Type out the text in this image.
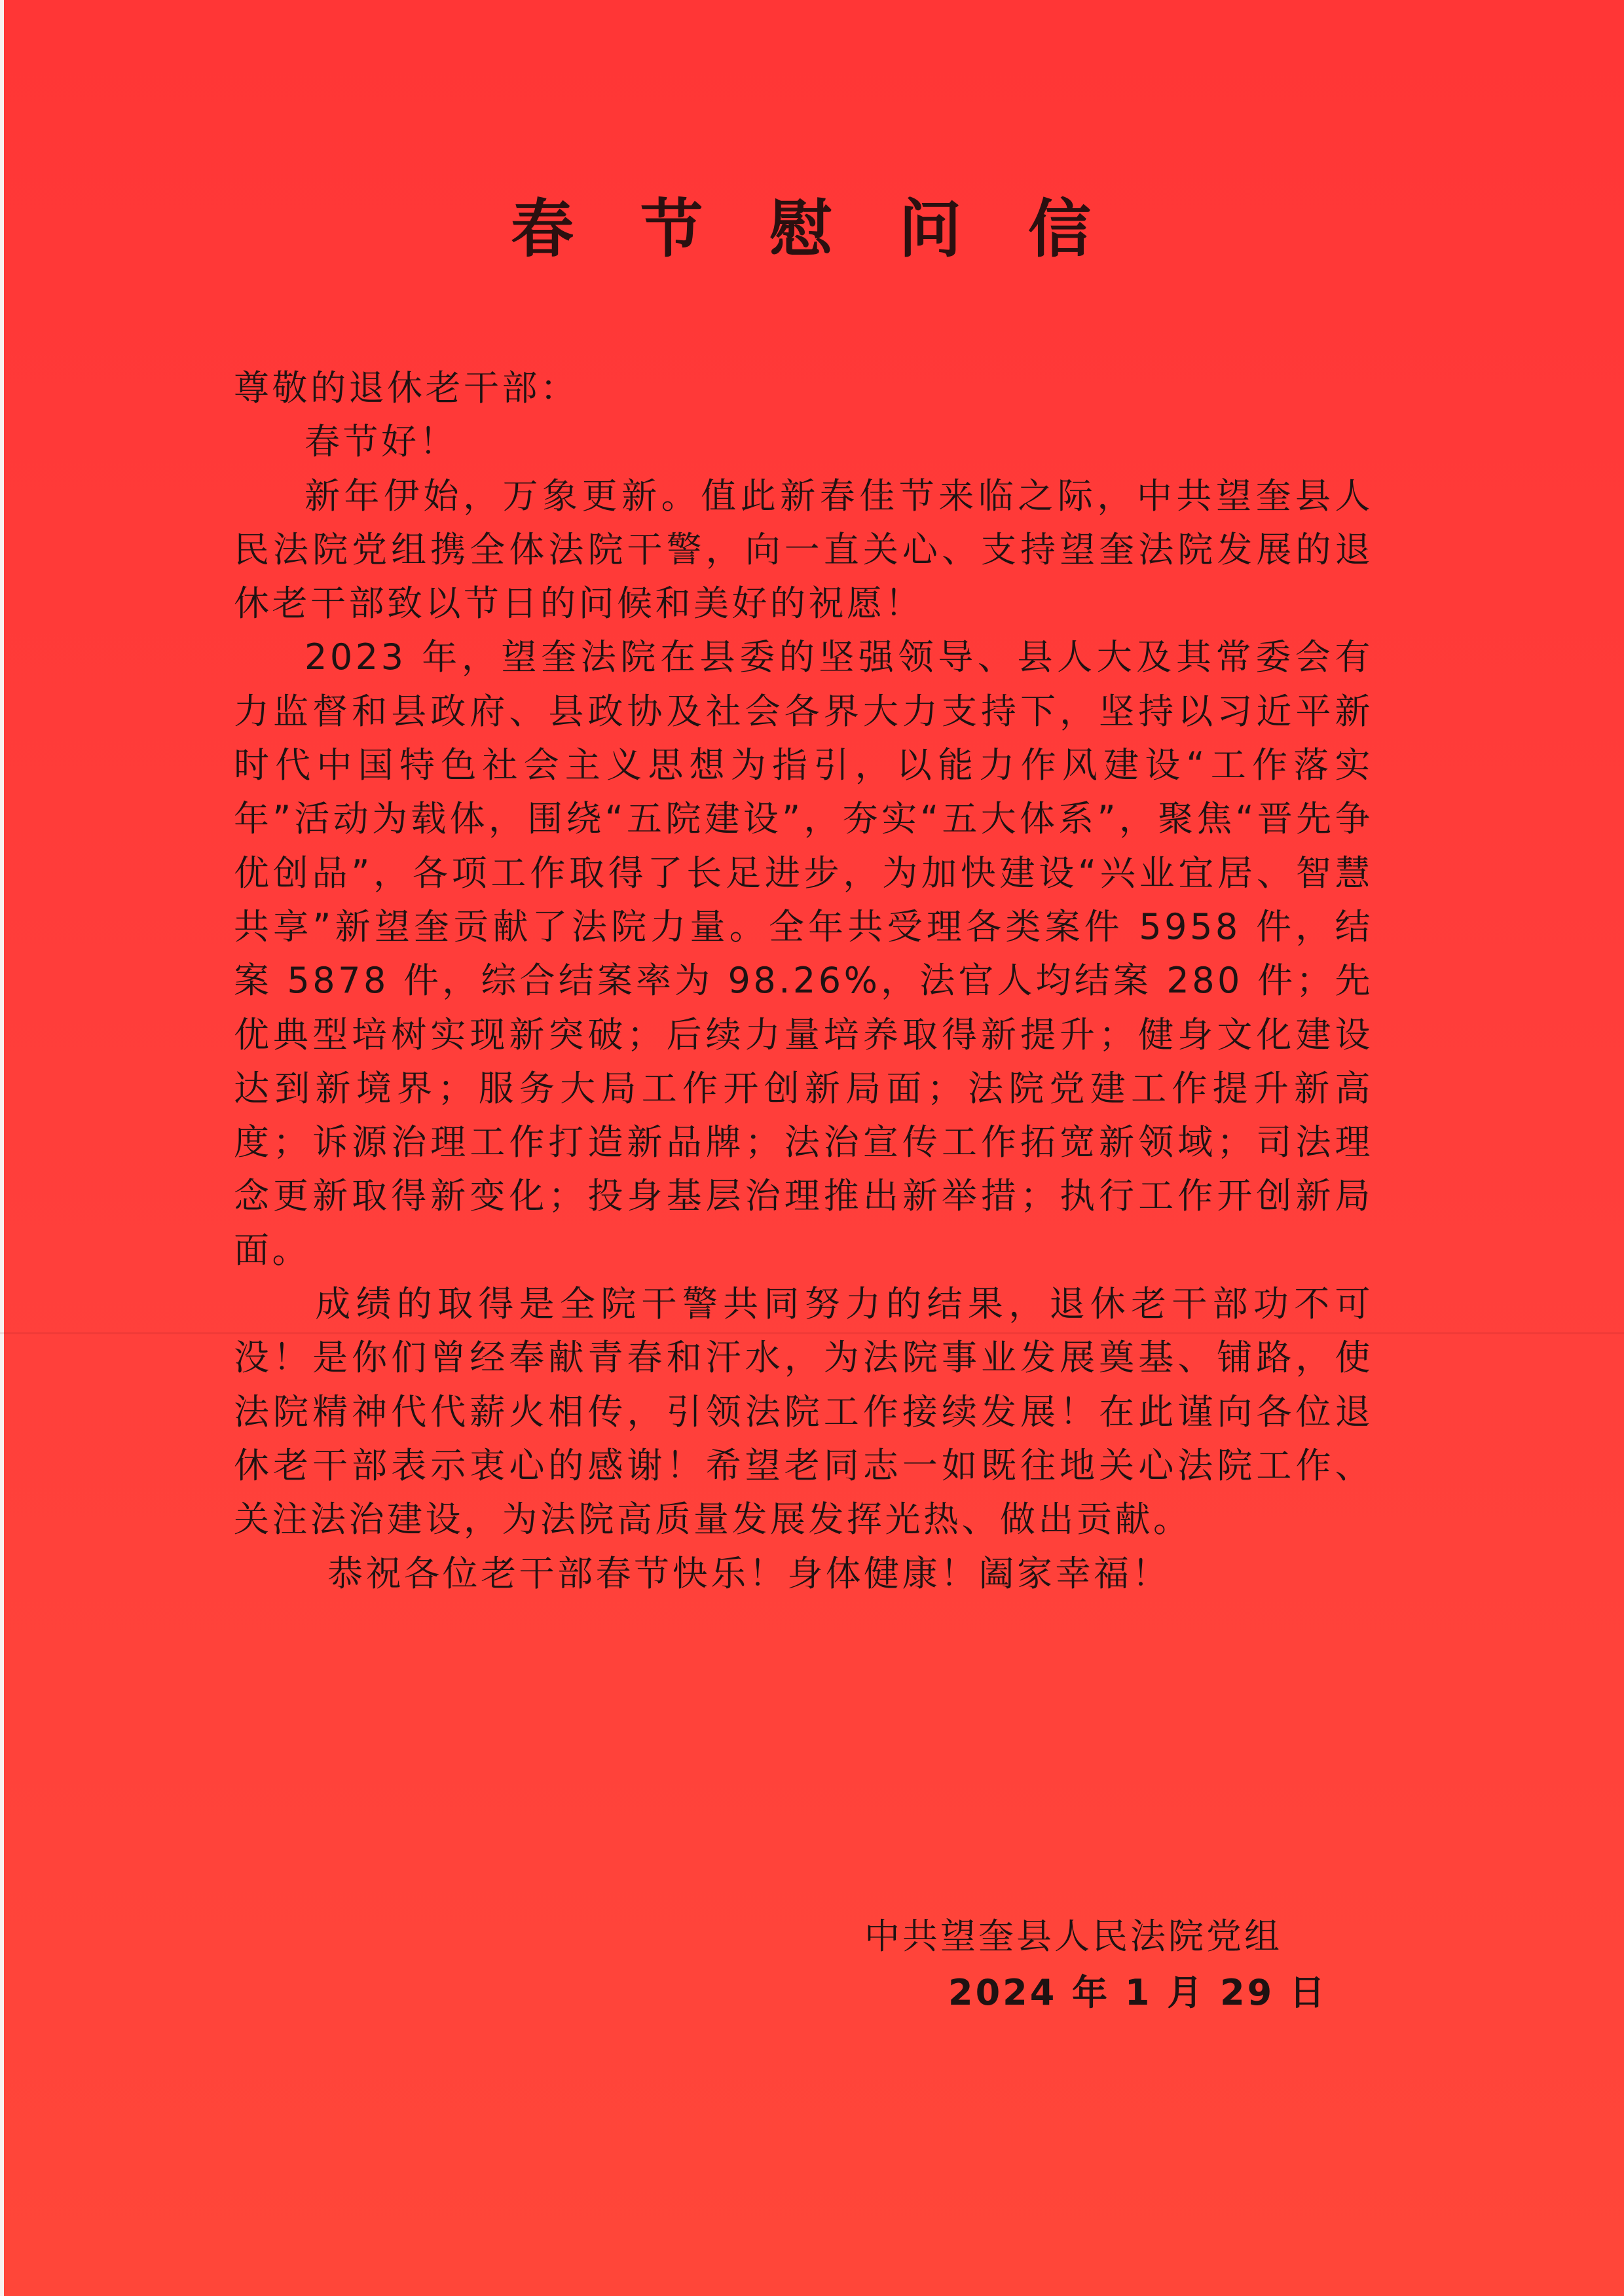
春 节 慰 问 信

尊敬的退休老干部：

春节好！

新年伊始，万象更新。值此新春佳节来临之际，中共望奎县人民法院党组携全体法院干警，向一直关心、支持望奎法院发展的退休老干部致以节日的问候和美好的祝愿！

2023 年，望奎法院在县委的坚强领导、县人大及其常委会有力监督和县政府、县政协及社会各界大力支持下，坚持以习近平新时代中国特色社会主义思想为指引，以能力作风建设“工作落实年”活动为载体，围绕“五院建设”，夯实“五大体系”，聚焦“晋先争优创品”，各项工作取得了长足进步，为加快建设“兴业宜居、智慧共享”新望奎贡献了法院力量。全年共受理各类案件 5958 件，结案 5878 件，综合结案率为 98.26%，法官人均结案 280 件；先优典型培树实现新突破；后续力量培养取得新提升；健身文化建设达到新境界；服务大局工作开创新局面；法院党建工作提升新高度；诉源治理工作打造新品牌；法治宣传工作拓宽新领域；司法理念更新取得新变化；投身基层治理推出新举措；执行工作开创新局面。

成绩的取得是全院干警共同努力的结果，退休老干部功不可没！是你们曾经奉献青春和汗水，为法院事业发展奠基、铺路，使法院精神代代薪火相传，引领法院工作接续发展！在此谨向各位退休老干部表示衷心的感谢！希望老同志一如既往地关心法院工作、关注法治建设，为法院高质量发展发挥光热、做出贡献。

恭祝各位老干部春节快乐！身体健康！阖家幸福！

中共望奎县人民法院党组
2024 年 1 月 29 日
